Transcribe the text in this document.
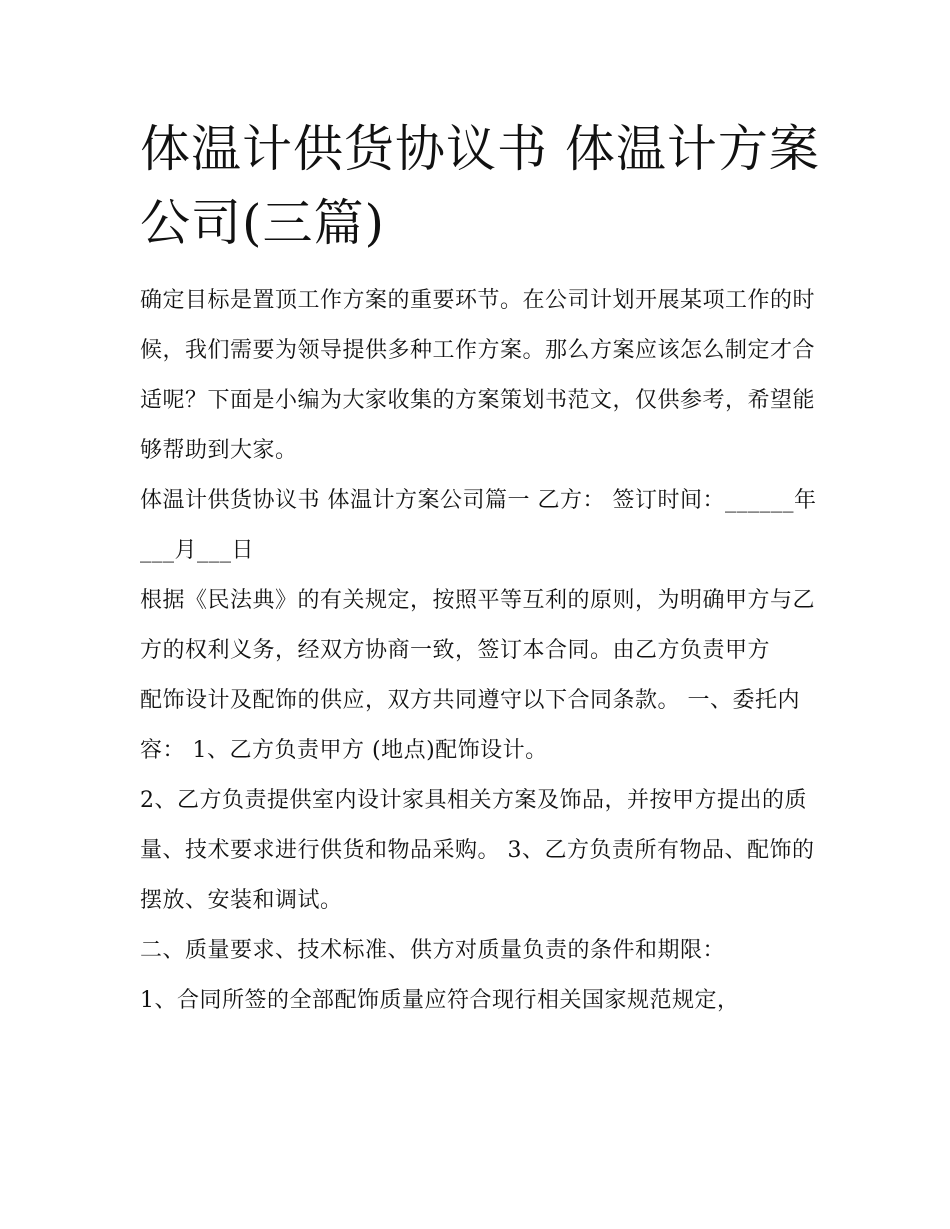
体温计供货协议书 体温计方案公司(三篇)

确定目标是置顶工作方案的重要环节。在公司计划开展某项工作的时候，我们需要为领导提供多种工作方案。那么方案应该怎么制定才合适呢？下面是小编为大家收集的方案策划书范文，仅供参考，希望能够帮助到大家。

体温计供货协议书 体温计方案公司篇一 乙方： 签订时间：______年___月___日

根据《民法典》的有关规定，按照平等互利的原则，为明确甲方与乙方的权利义务，经双方协商一致，签订本合同。由乙方负责甲方

配饰设计及配饰的供应，双方共同遵守以下合同条款。 一、委托内容： 1、乙方负责甲方 (地点)配饰设计。

2、乙方负责提供室内设计家具相关方案及饰品，并按甲方提出的质量、技术要求进行供货和物品采购。 3、乙方负责所有物品、配饰的摆放、安装和调试。

二、质量要求、技术标准、供方对质量负责的条件和期限：

1、合同所签的全部配饰质量应符合现行相关国家规范规定，
